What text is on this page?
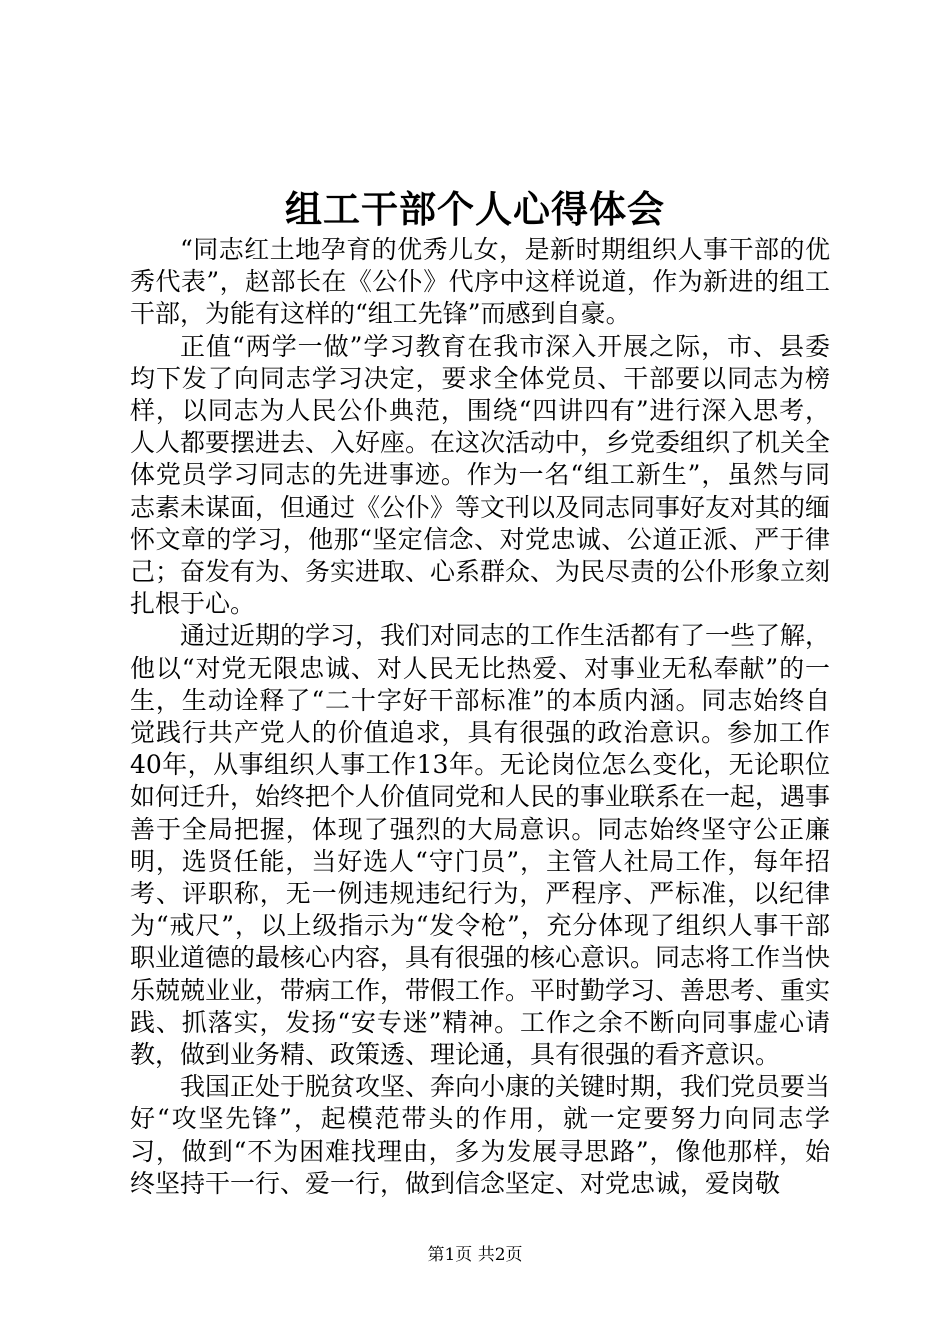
组工干部个人心得体会

“同志红土地孕育的优秀儿女，是新时期组织人事干部的优秀代表”，赵部长在《公仆》代序中这样说道，作为新进的组工干部，为能有这样的“组工先锋”而感到自豪。

正值“两学一做”学习教育在我市深入开展之际，市、县委均下发了向同志学习决定，要求全体党员、干部要以同志为榜样，以同志为人民公仆典范，围绕“四讲四有”进行深入思考，人人都要摆进去、入好座。在这次活动中，乡党委组织了机关全体党员学习同志的先进事迹。作为一名“组工新生”，虽然与同志素未谋面，但通过《公仆》等文刊以及同志同事好友对其的缅怀文章的学习，他那“坚定信念、对党忠诚、公道正派、严于律己；奋发有为、务实进取、心系群众、为民尽责的公仆形象立刻扎根于心。

通过近期的学习，我们对同志的工作生活都有了一些了解，他以“对党无限忠诚、对人民无比热爱、对事业无私奉献”的一生，生动诠释了“二十字好干部标准”的本质内涵。同志始终自觉践行共产党人的价值追求，具有很强的政治意识。参加工作40年，从事组织人事工作13年。无论岗位怎么变化，无论职位如何迁升，始终把个人价值同党和人民的事业联系在一起，遇事善于全局把握，体现了强烈的大局意识。同志始终坚守公正廉明，选贤任能，当好选人“守门员”，主管人社局工作，每年招考、评职称，无一例违规违纪行为，严程序、严标准，以纪律为“戒尺”，以上级指示为“发令枪”，充分体现了组织人事干部职业道德的最核心内容，具有很强的核心意识。同志将工作当快乐兢兢业业，带病工作，带假工作。平时勤学习、善思考、重实践、抓落实，发扬“安专迷”精神。工作之余不断向同事虚心请教，做到业务精、政策透、理论通，具有很强的看齐意识。

我国正处于脱贫攻坚、奔向小康的关键时期，我们党员要当好“攻坚先锋”，起模范带头的作用，就一定要努力向同志学习，做到“不为困难找理由，多为发展寻思路”，像他那样，始终坚持干一行、爱一行，做到信念坚定、对党忠诚，爱岗敬

第1页 共2页
